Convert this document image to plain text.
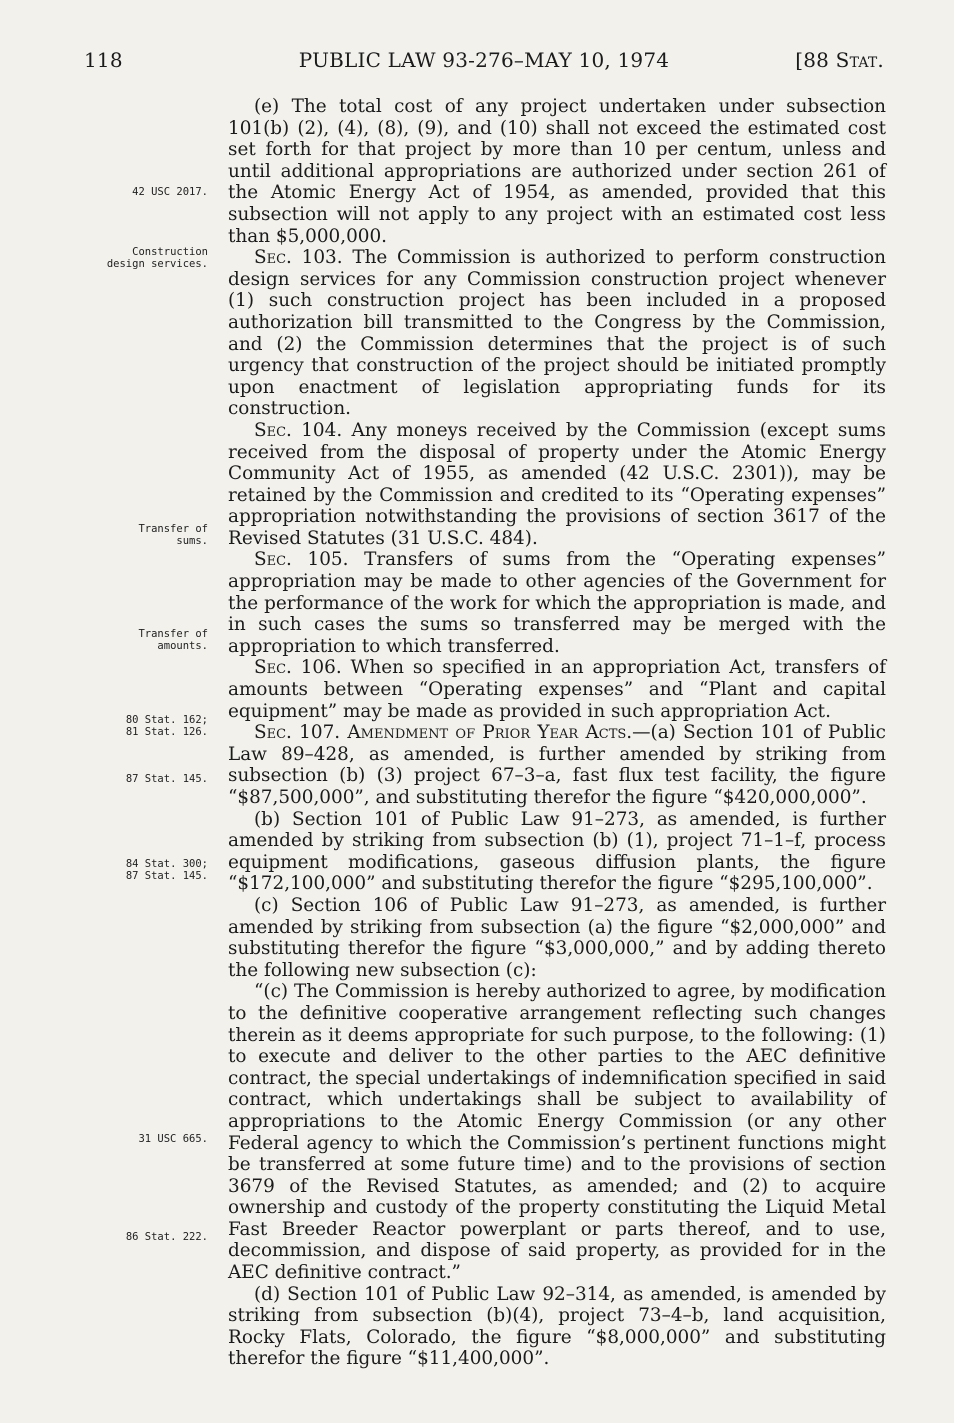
118	PUBLIC LAW 93-276–MAY 10, 1974	[88 Stat.
42 USC 2017.
Construction
design services.
Transfer of
sums.
Transfer of
amounts.
80 Stat. 162;
81 Stat. 126.
87 Stat. 145.
84 Stat. 300;
87 Stat. 145.
31 USC 665.
86 Stat. 222.

(e) The total cost of any project undertaken under subsection 101(b) (2), (4), (8), (9), and (10) shall not exceed the estimated cost set forth for that project by more than 10 per centum, unless and until additional appropriations are authorized under section 261 of the Atomic Energy Act of 1954, as amended, provided that this subsection will not apply to any project with an estimated cost less than $5,000,000.

Sec. 103. The Commission is authorized to perform construction design services for any Commission construction project whenever (1) such construction project has been included in a proposed authorization bill transmitted to the Congress by the Commission, and (2) the Commission determines that the project is of such urgency that construction of the project should be initiated promptly upon enactment of legislation appropriating funds for its construction.

Sec. 104. Any moneys received by the Commission (except sums received from the disposal of property under the Atomic Energy Community Act of 1955, as amended (42 U.S.C. 2301)), may be retained by the Commission and credited to its “Operating expenses” appropriation notwithstanding the provisions of section 3617 of the Revised Statutes (31 U.S.C. 484).

Sec. 105. Transfers of sums from the “Operating expenses” appropriation may be made to other agencies of the Government for the performance of the work for which the appropriation is made, and in such cases the sums so transferred may be merged with the appropriation to which transferred.

Sec. 106. When so specified in an appropriation Act, transfers of amounts between “Operating expenses” and “Plant and capital equipment” may be made as provided in such appropriation Act.

Sec. 107. Amendment of Prior Year Acts.—(a) Section 101 of Public Law 89–428, as amended, is further amended by striking from subsection (b) (3) project 67–3–a, fast flux test facility, the figure “$87,500,000”, and substituting therefor the figure “$420,000,000”.

(b) Section 101 of Public Law 91–273, as amended, is further amended by striking from subsection (b) (1), project 71–1–f, process equipment modifications, gaseous diffusion plants, the figure “$172,100,000” and substituting therefor the figure “$295,100,000”.

(c) Section 106 of Public Law 91–273, as amended, is further amended by striking from subsection (a) the figure “$2,000,000” and substituting therefor the figure “$3,000,000,” and by adding thereto the following new subsection (c):

“(c) The Commission is hereby authorized to agree, by modification to the definitive cooperative arrangement reflecting such changes therein as it deems appropriate for such purpose, to the following: (1) to execute and deliver to the other parties to the AEC definitive contract, the special undertakings of indemnification specified in said contract, which undertakings shall be subject to availability of appropriations to the Atomic Energy Commission (or any other Federal agency to which the Commission’s pertinent functions might be transferred at some future time) and to the provisions of section 3679 of the Revised Statutes, as amended; and (2) to acquire ownership and custody of the property constituting the Liquid Metal Fast Breeder Reactor powerplant or parts thereof, and to use, decommission, and dispose of said property, as provided for in the AEC definitive contract.”

(d) Section 101 of Public Law 92–314, as amended, is amended by striking from subsection (b)(4), project 73–4–b, land acquisition, Rocky Flats, Colorado, the figure “$8,000,000” and substituting therefor the figure “$11,400,000”.
